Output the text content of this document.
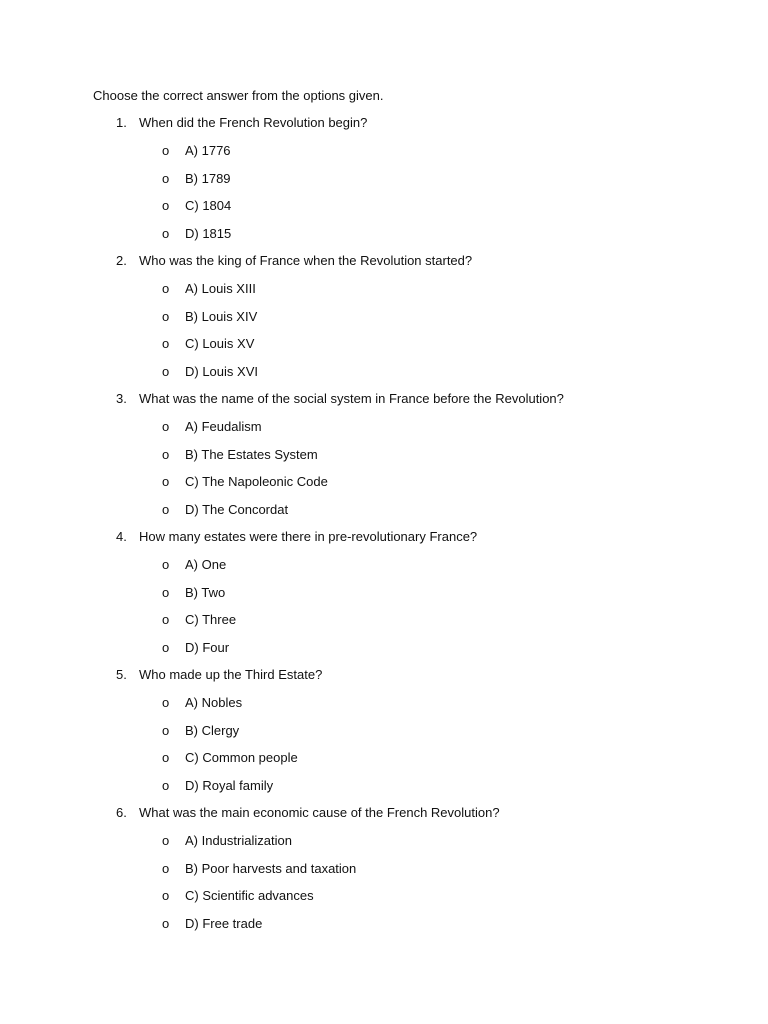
Choose the correct answer from the options given.
1. When did the French Revolution begin?
o A) 1776
o B) 1789
o C) 1804
o D) 1815
2. Who was the king of France when the Revolution started?
o A) Louis XIII
o B) Louis XIV
o C) Louis XV
o D) Louis XVI
3. What was the name of the social system in France before the Revolution?
o A) Feudalism
o B) The Estates System
o C) The Napoleonic Code
o D) The Concordat
4. How many estates were there in pre-revolutionary France?
o A) One
o B) Two
o C) Three
o D) Four
5. Who made up the Third Estate?
o A) Nobles
o B) Clergy
o C) Common people
o D) Royal family
6. What was the main economic cause of the French Revolution?
o A) Industrialization
o B) Poor harvests and taxation
o C) Scientific advances
o D) Free trade
